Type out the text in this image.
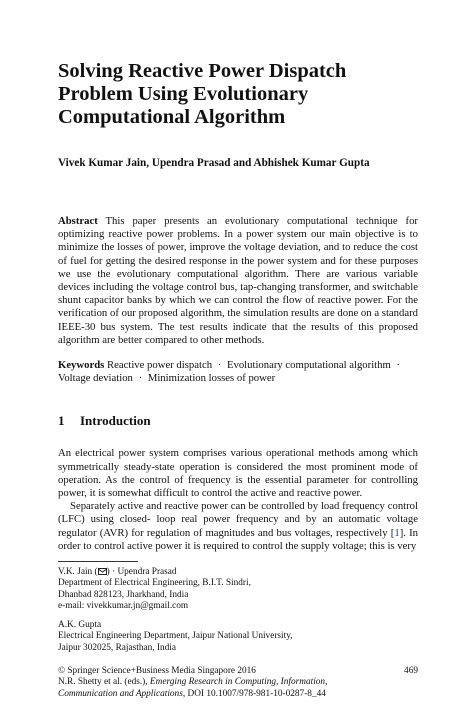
Solving Reactive Power Dispatch Problem Using Evolutionary Computational Algorithm
Vivek Kumar Jain, Upendra Prasad and Abhishek Kumar Gupta
Abstract This paper presents an evolutionary computational technique for optimizing reactive power problems. In a power system our main objective is to minimize the losses of power, improve the voltage deviation, and to reduce the cost of fuel for getting the desired response in the power system and for these purposes we use the evolutionary computational algorithm. There are various variable devices including the voltage control bus, tap-changing transformer, and switchable shunt capacitor banks by which we can control the flow of reactive power. For the verification of our proposed algorithm, the simulation results are done on a standard IEEE-30 bus system. The test results indicate that the results of this proposed algorithm are better compared to other methods.
Keywords Reactive power dispatch · Evolutionary computational algorithm · Voltage deviation · Minimization losses of power
1 Introduction

An electrical power system comprises various operational methods among which symmetrically steady-state operation is considered the most prominent mode of operation. As the control of frequency is the essential parameter for controlling power, it is somewhat difficult to control the active and reactive power.

Separately active and reactive power can be controlled by load frequency control (LFC) using closed- loop real power frequency and by an automatic voltage regulator (AVR) for regulation of magnitudes and bus voltages, respectively [1]. In order to control active power it is required to control the supply voltage; this is very

V.K. Jain ( ) · Upendra Prasad
Department of Electrical Engineering, B.I.T. Sindri,
Dhanbad 828123, Jharkhand, India
e-mail: vivekkumar.jn@gmail.com
A.K. Gupta
Electrical Engineering Department, Jaipur National University,
Jaipur 302025, Rajasthan, India
© Springer Science+Business Media Singapore 2016	469
N.R. Shetty et al. (eds.), Emerging Research in Computing, Information,
Communication and Applications, DOI 10.1007/978-981-10-0287-8_44
